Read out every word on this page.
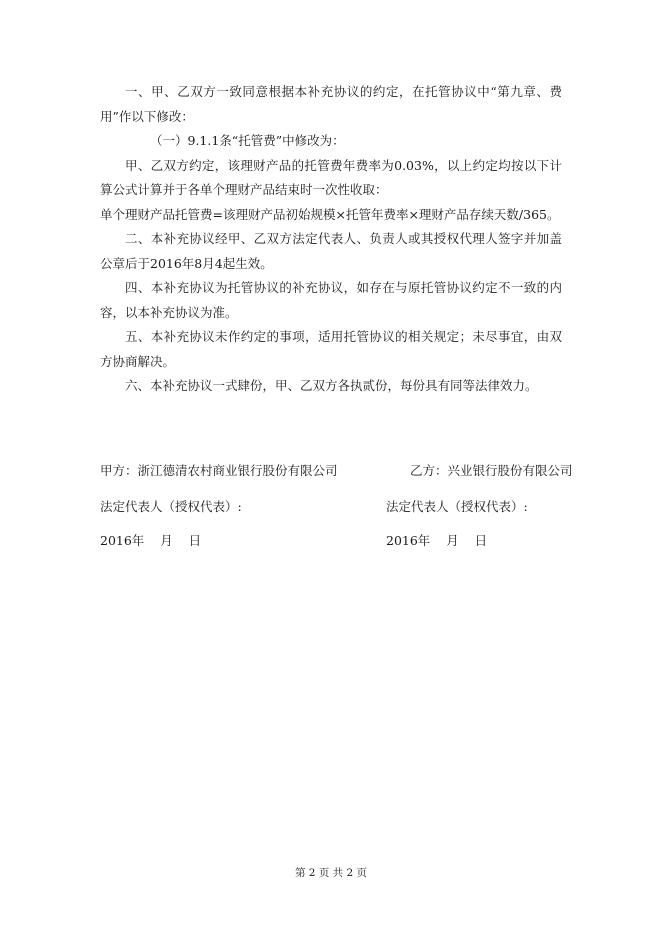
一、甲、乙双方一致同意根据本补充协议的约定，在托管协议中“第九章、费用”作以下修改：

（一）9.1.1条“托管费”中修改为：

甲、乙双方约定，该理财产品的托管费年费率为0.03%，以上约定均按以下计算公式计算并于各单个理财产品结束时一次性收取：

单个理财产品托管费=该理财产品初始规模×托管年费率×理财产品存续天数/365。

二、本补充协议经甲、乙双方法定代表人、负责人或其授权代理人签字并加盖公章后于2016年8月4起生效。

四、本补充协议为托管协议的补充协议，如存在与原托管协议约定不一致的内容，以本补充协议为准。

五、本补充协议未作约定的事项，适用托管协议的相关规定；未尽事宜，由双方协商解决。

六、本补充协议一式肆份，甲、乙双方各执贰份，每份具有同等法律效力。

甲方：浙江德清农村商业银行股份有限公司	乙方：兴业银行股份有限公司
法定代表人（授权代表）:	法定代表人（授权代表）:
2016年    月    日	2016年    月    日
第 2 页 共 2 页
